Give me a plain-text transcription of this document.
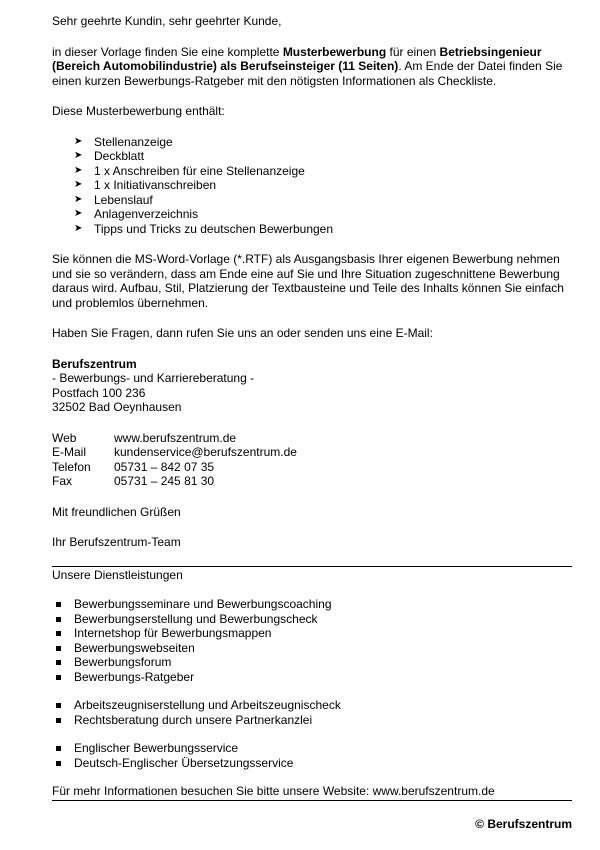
Sehr geehrte Kundin, sehr geehrter Kunde,

in dieser Vorlage finden Sie eine komplette Musterbewerbung für einen Betriebsingenieur (Bereich Automobilindustrie) als Berufseinsteiger (11 Seiten). Am Ende der Datei finden Sie einen kurzen Bewerbungs-Ratgeber mit den nötigsten Informationen als Checkliste.

Diese Musterbewerbung enthält:

➤ Stellenanzeige
➤ Deckblatt
➤ 1 x Anschreiben für eine Stellenanzeige
➤ 1 x Initiativanschreiben
➤ Lebenslauf
➤ Anlagenverzeichnis
➤ Tipps und Tricks zu deutschen Bewerbungen

Sie können die MS-Word-Vorlage (*.RTF) als Ausgangsbasis Ihrer eigenen Bewerbung nehmen und sie so verändern, dass am Ende eine auf Sie und Ihre Situation zugeschnittene Bewerbung daraus wird. Aufbau, Stil, Platzierung der Textbausteine und Teile des Inhalts können Sie einfach und problemlos übernehmen.

Haben Sie Fragen, dann rufen Sie uns an oder senden uns eine E-Mail:

Berufszentrum

- Bewerbungs- und Karriereberatung -

Postfach 100 236

32502 Bad Oeynhausen

Web	www.berufszentrum.de
E-Mail	kundenservice@berufszentrum.de
Telefon	05731 – 842 07 35
Fax	05731 – 245 81 30

Mit freundlichen Grüßen

Ihr Berufszentrum-Team

Unsere Dienstleistungen

Bewerbungsseminare und Bewerbungscoaching
Bewerbungserstellung und Bewerbungscheck
Internetshop für Bewerbungsmappen
Bewerbungswebseiten
Bewerbungsforum
Bewerbungs-Ratgeber
Arbeitszeugniserstellung und Arbeitszeugnischeck
Rechtsberatung durch unsere Partnerkanzlei
Englischer Bewerbungsservice
Deutsch-Englischer Übersetzungsservice

Für mehr Informationen besuchen Sie bitte unsere Website: www.berufszentrum.de

© Berufszentrum
